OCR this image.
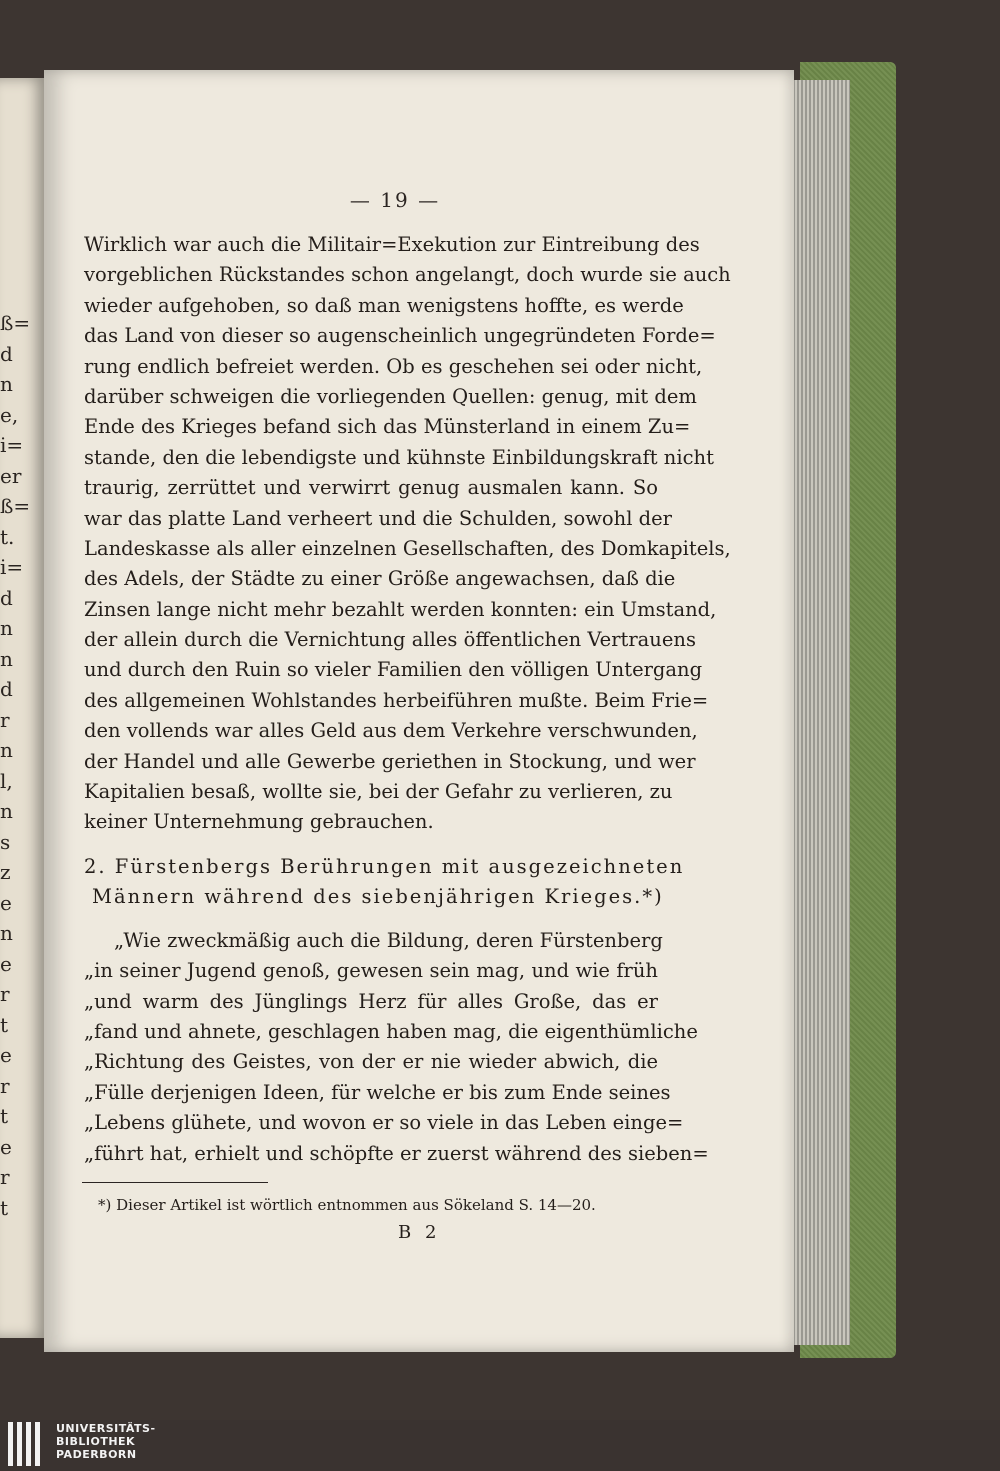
ß=
d
n
e,
i=
er
ß=
t.
i=
d
n
n
d
r
n
l,
n
s
z
e
n
e
r
t
e
r
t
e
r
t
— 19 —
Wirklich war auch die Militair=Exekution zur Eintreibung des
vorgeblichen Rückstandes schon angelangt, doch wurde sie auch
wieder aufgehoben, so daß man wenigstens hoffte, es werde
das Land von dieser so augenscheinlich ungegründeten Forde=
rung endlich befreiet werden. Ob es geschehen sei oder nicht,
darüber schweigen die vorliegenden Quellen: genug, mit dem
Ende des Krieges befand sich das Münsterland in einem Zu=
stande, den die lebendigste und kühnste Einbildungskraft nicht
traurig, zerrüttet und verwirrt genug ausmalen kann. So
war das platte Land verheert und die Schulden, sowohl der
Landeskasse als aller einzelnen Gesellschaften, des Domkapitels,
des Adels, der Städte zu einer Größe angewachsen, daß die
Zinsen lange nicht mehr bezahlt werden konnten: ein Umstand,
der allein durch die Vernichtung alles öffentlichen Vertrauens
und durch den Ruin so vieler Familien den völligen Untergang
des allgemeinen Wohlstandes herbeiführen mußte. Beim Frie=
den vollends war alles Geld aus dem Verkehre verschwunden,
der Handel und alle Gewerbe geriethen in Stockung, und wer
Kapitalien besaß, wollte sie, bei der Gefahr zu verlieren, zu
keiner Unternehmung gebrauchen.
2. Fürstenbergs Berührungen mit ausgezeichneten
Männern während des siebenjährigen Krieges.*)
„Wie zweckmäßig auch die Bildung, deren Fürstenberg
„in seiner Jugend genoß, gewesen sein mag, und wie früh
„und warm des Jünglings Herz für alles Große, das er
„fand und ahnete, geschlagen haben mag, die eigenthümliche
„Richtung des Geistes, von der er nie wieder abwich, die
„Fülle derjenigen Ideen, für welche er bis zum Ende seines
„Lebens glühete, und wovon er so viele in das Leben einge=
„führt hat, erhielt und schöpfte er zuerst während des sieben=
*) Dieser Artikel ist wörtlich entnommen aus Sökeland S. 14—20.
B 2
UNIVERSITÄTS-
BIBLIOTHEK
PADERBORN
